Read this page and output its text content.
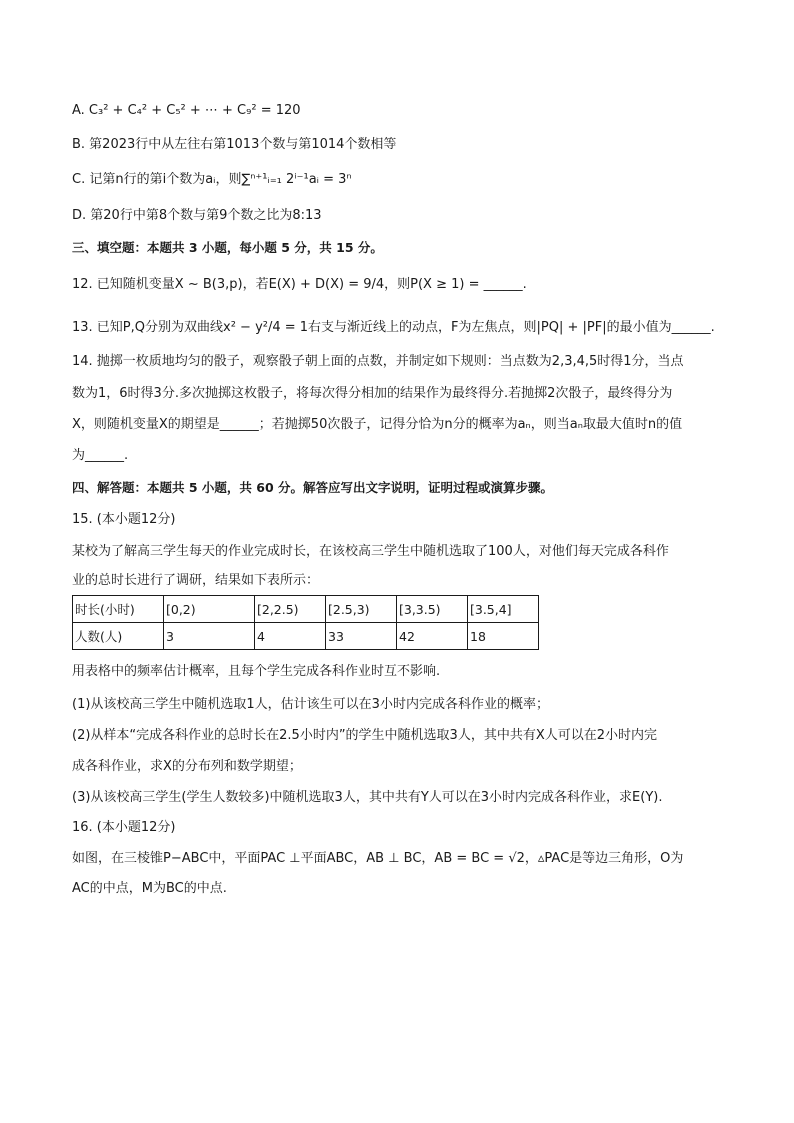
A. C₃² + C₄² + C₅² + ⋯ + C₉² = 120
B. 第2023行中从左往右第1013个数与第1014个数相等
C. 记第n行的第i个数为aᵢ，则∑ⁿ⁺¹ᵢ₌₁ 2ⁱ⁻¹aᵢ = 3ⁿ
D. 第20行中第8个数与第9个数之比为8:13
三、填空题：本题共 3 小题，每小题 5 分，共 15 分。
12. 已知随机变量X ~ B(3,p)，若E(X) + D(X) = 9/4，则P(X ≥ 1) = ______.
13. 已知P,Q分别为双曲线x² − y²/4 = 1右支与渐近线上的动点，F为左焦点，则|PQ| + |PF|的最小值为______.
14. 抛掷一枚质地均匀的骰子，观察骰子朝上面的点数，并制定如下规则：当点数为2,3,4,5时得1分，当点
数为1，6时得3分.多次抛掷这枚骰子，将每次得分相加的结果作为最终得分.若抛掷2次骰子，最终得分为
X，则随机变量X的期望是______；若抛掷50次骰子，记得分恰为n分的概率为aₙ，则当aₙ取最大值时n的值
为______.
四、解答题：本题共 5 小题，共 60 分。解答应写出文字说明，证明过程或演算步骤。
15. (本小题12分)
某校为了解高三学生每天的作业完成时长，在该校高三学生中随机选取了100人，对他们每天完成各科作
业的总时长进行了调研，结果如下表所示：
时长(小时)	[0,2)	[2,2.5)	[2.5,3)	[3,3.5)	[3.5,4]
人数(人)	3	4	33	42	18
用表格中的频率估计概率，且每个学生完成各科作业时互不影响.
(1)从该校高三学生中随机选取1人，估计该生可以在3小时内完成各科作业的概率；
(2)从样本“完成各科作业的总时长在2.5小时内”的学生中随机选取3人，其中共有X人可以在2小时内完
成各科作业，求X的分布列和数学期望；
(3)从该校高三学生(学生人数较多)中随机选取3人，其中共有Y人可以在3小时内完成各科作业，求E(Y).
16. (本小题12分)
如图，在三棱锥P−ABC中，平面PAC ⊥平面ABC，AB ⊥ BC，AB = BC = √2，▵PAC是等边三角形，O为
AC的中点，M为BC的中点.
